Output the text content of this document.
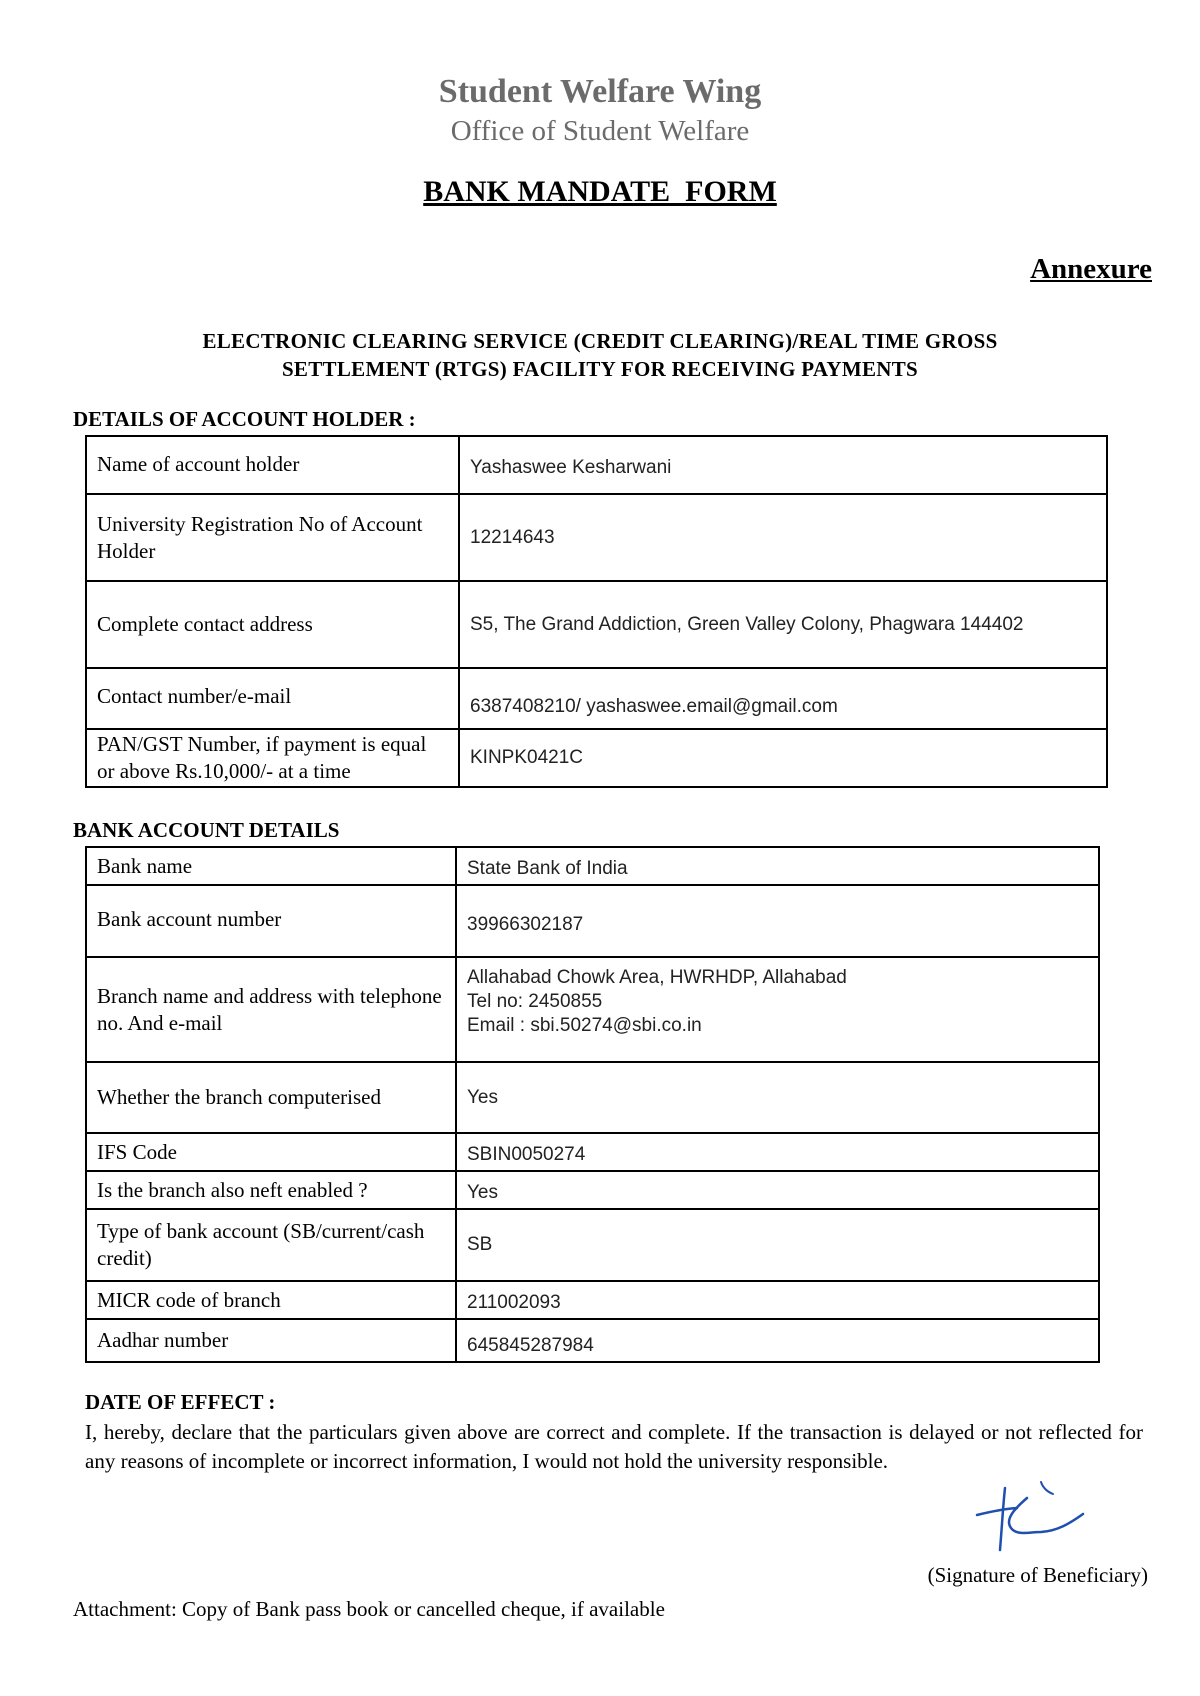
Student Welfare Wing
Office of Student Welfare
BANK MANDATE  FORM
Annexure
ELECTRONIC CLEARING SERVICE (CREDIT CLEARING)/REAL TIME GROSS
SETTLEMENT (RTGS) FACILITY FOR RECEIVING PAYMENTS
DETAILS OF ACCOUNT HOLDER :
Name of account holder	Yashaswee Kesharwani
University Registration No of Account Holder	12214643
Complete contact address	S5, The Grand Addiction, Green Valley Colony, Phagwara 144402
Contact number/e-mail	6387408210/ yashaswee.email@gmail.com
PAN/GST Number, if payment is equal or above Rs.10,000/- at a time	KINPK0421C
BANK ACCOUNT DETAILS
Bank name	State Bank of India
Bank account number	39966302187
Branch name and address with telephone no. And e-mail	Allahabad Chowk Area, HWRHDP, Allahabad
Tel no: 2450855
Email : sbi.50274@sbi.co.in

Whether the branch computerised	Yes
IFS Code	SBIN0050274
Is the branch also neft enabled ?	Yes
Type of bank account (SB/current/cash credit)	SB
MICR code of branch	211002093
Aadhar number	645845287984
DATE OF EFFECT :
I, hereby, declare that the particulars given above are correct and complete. If the transaction is delayed or not reflected for any reasons of incomplete or incorrect information, I would not hold the university responsible.
(Signature of Beneficiary)
Attachment: Copy of Bank pass book or cancelled cheque, if available
